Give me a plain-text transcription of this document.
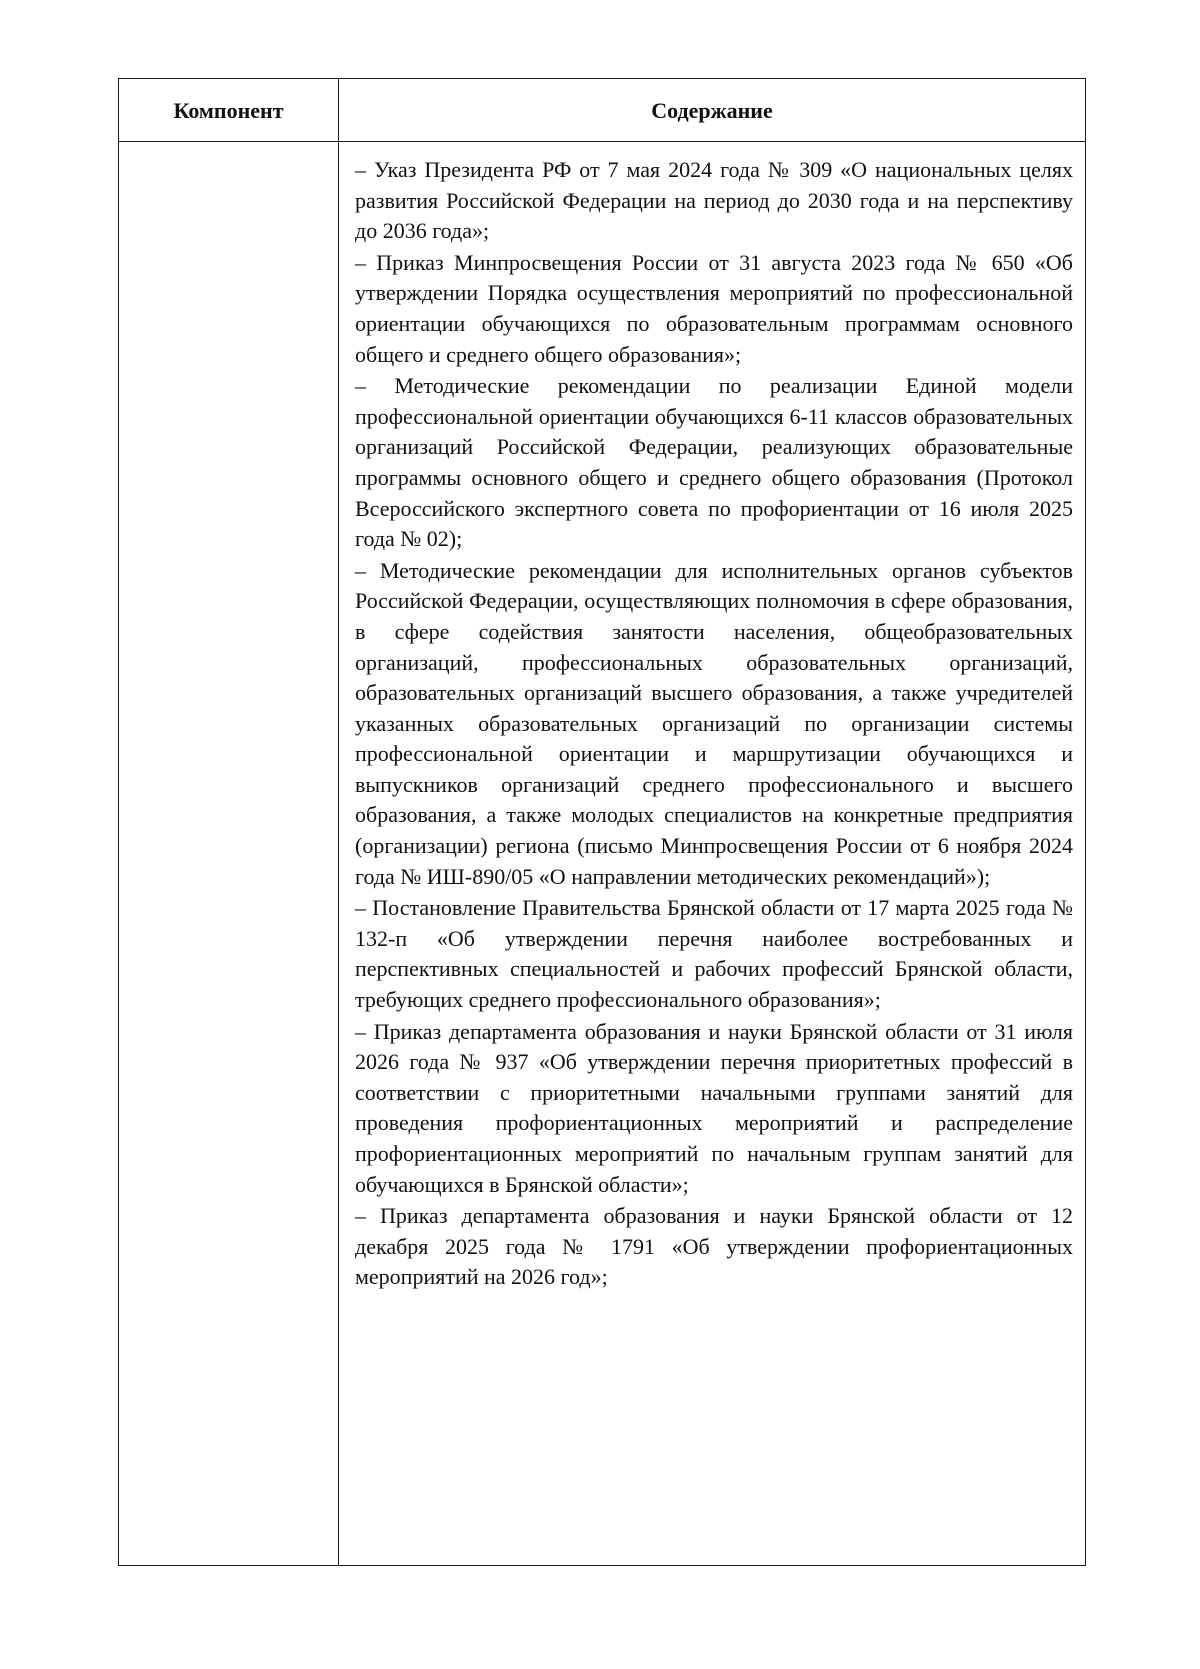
Компонент	Содержание

– Указ Президента РФ от 7 мая 2024 года № 309 «О национальных целях развития Российской Федерации на период до 2030 года и на перспективу до 2036 года»;

– Приказ Минпросвещения России от 31 августа 2023 года № 650 «Об утверждении Порядка осуществления мероприятий по профессиональной ориентации обучающихся по образовательным программам основного общего и среднего общего образования»;

– Методические рекомендации по реализации Единой модели профессиональной ориентации обучающихся 6-11 классов образовательных организаций Российской Федерации, реализующих образовательные программы основного общего и среднего общего образования (Протокол Всероссийского экспертного совета по профориентации от 16 июля 2025 года № 02);

– Методические рекомендации для исполнительных органов субъектов Российской Федерации, осуществляющих полномочия в сфере образования, в сфере содействия занятости населения, общеобразовательных организаций, профессиональных образовательных организаций, образовательных организаций высшего образования, а также учредителей указанных образовательных организаций по организации системы профессиональной ориентации и маршрутизации обучающихся и выпускников организаций среднего профессионального и высшего образования, а также молодых специалистов на конкретные предприятия (организации) региона (письмо Минпросвещения России от 6 ноября 2024 года № ИШ-890/05 «О направлении методических рекомендаций»);

– Постановление Правительства Брянской области от 17 марта 2025 года № 132-п «Об утверждении перечня наиболее востребованных и перспективных специальностей и рабочих профессий Брянской области, требующих среднего профессионального образования»;

– Приказ департамента образования и науки Брянской области от 31 июля 2026 года № 937 «Об утверждении перечня приоритетных профессий в соответствии с приоритетными начальными группами занятий для проведения профориентационных мероприятий и распределение профориентационных мероприятий по начальным группам занятий для обучающихся в Брянской области»;

– Приказ департамента образования и науки Брянской области от 12 декабря 2025 года № 1791 «Об утверждении профориентационных мероприятий на 2026 год»;
